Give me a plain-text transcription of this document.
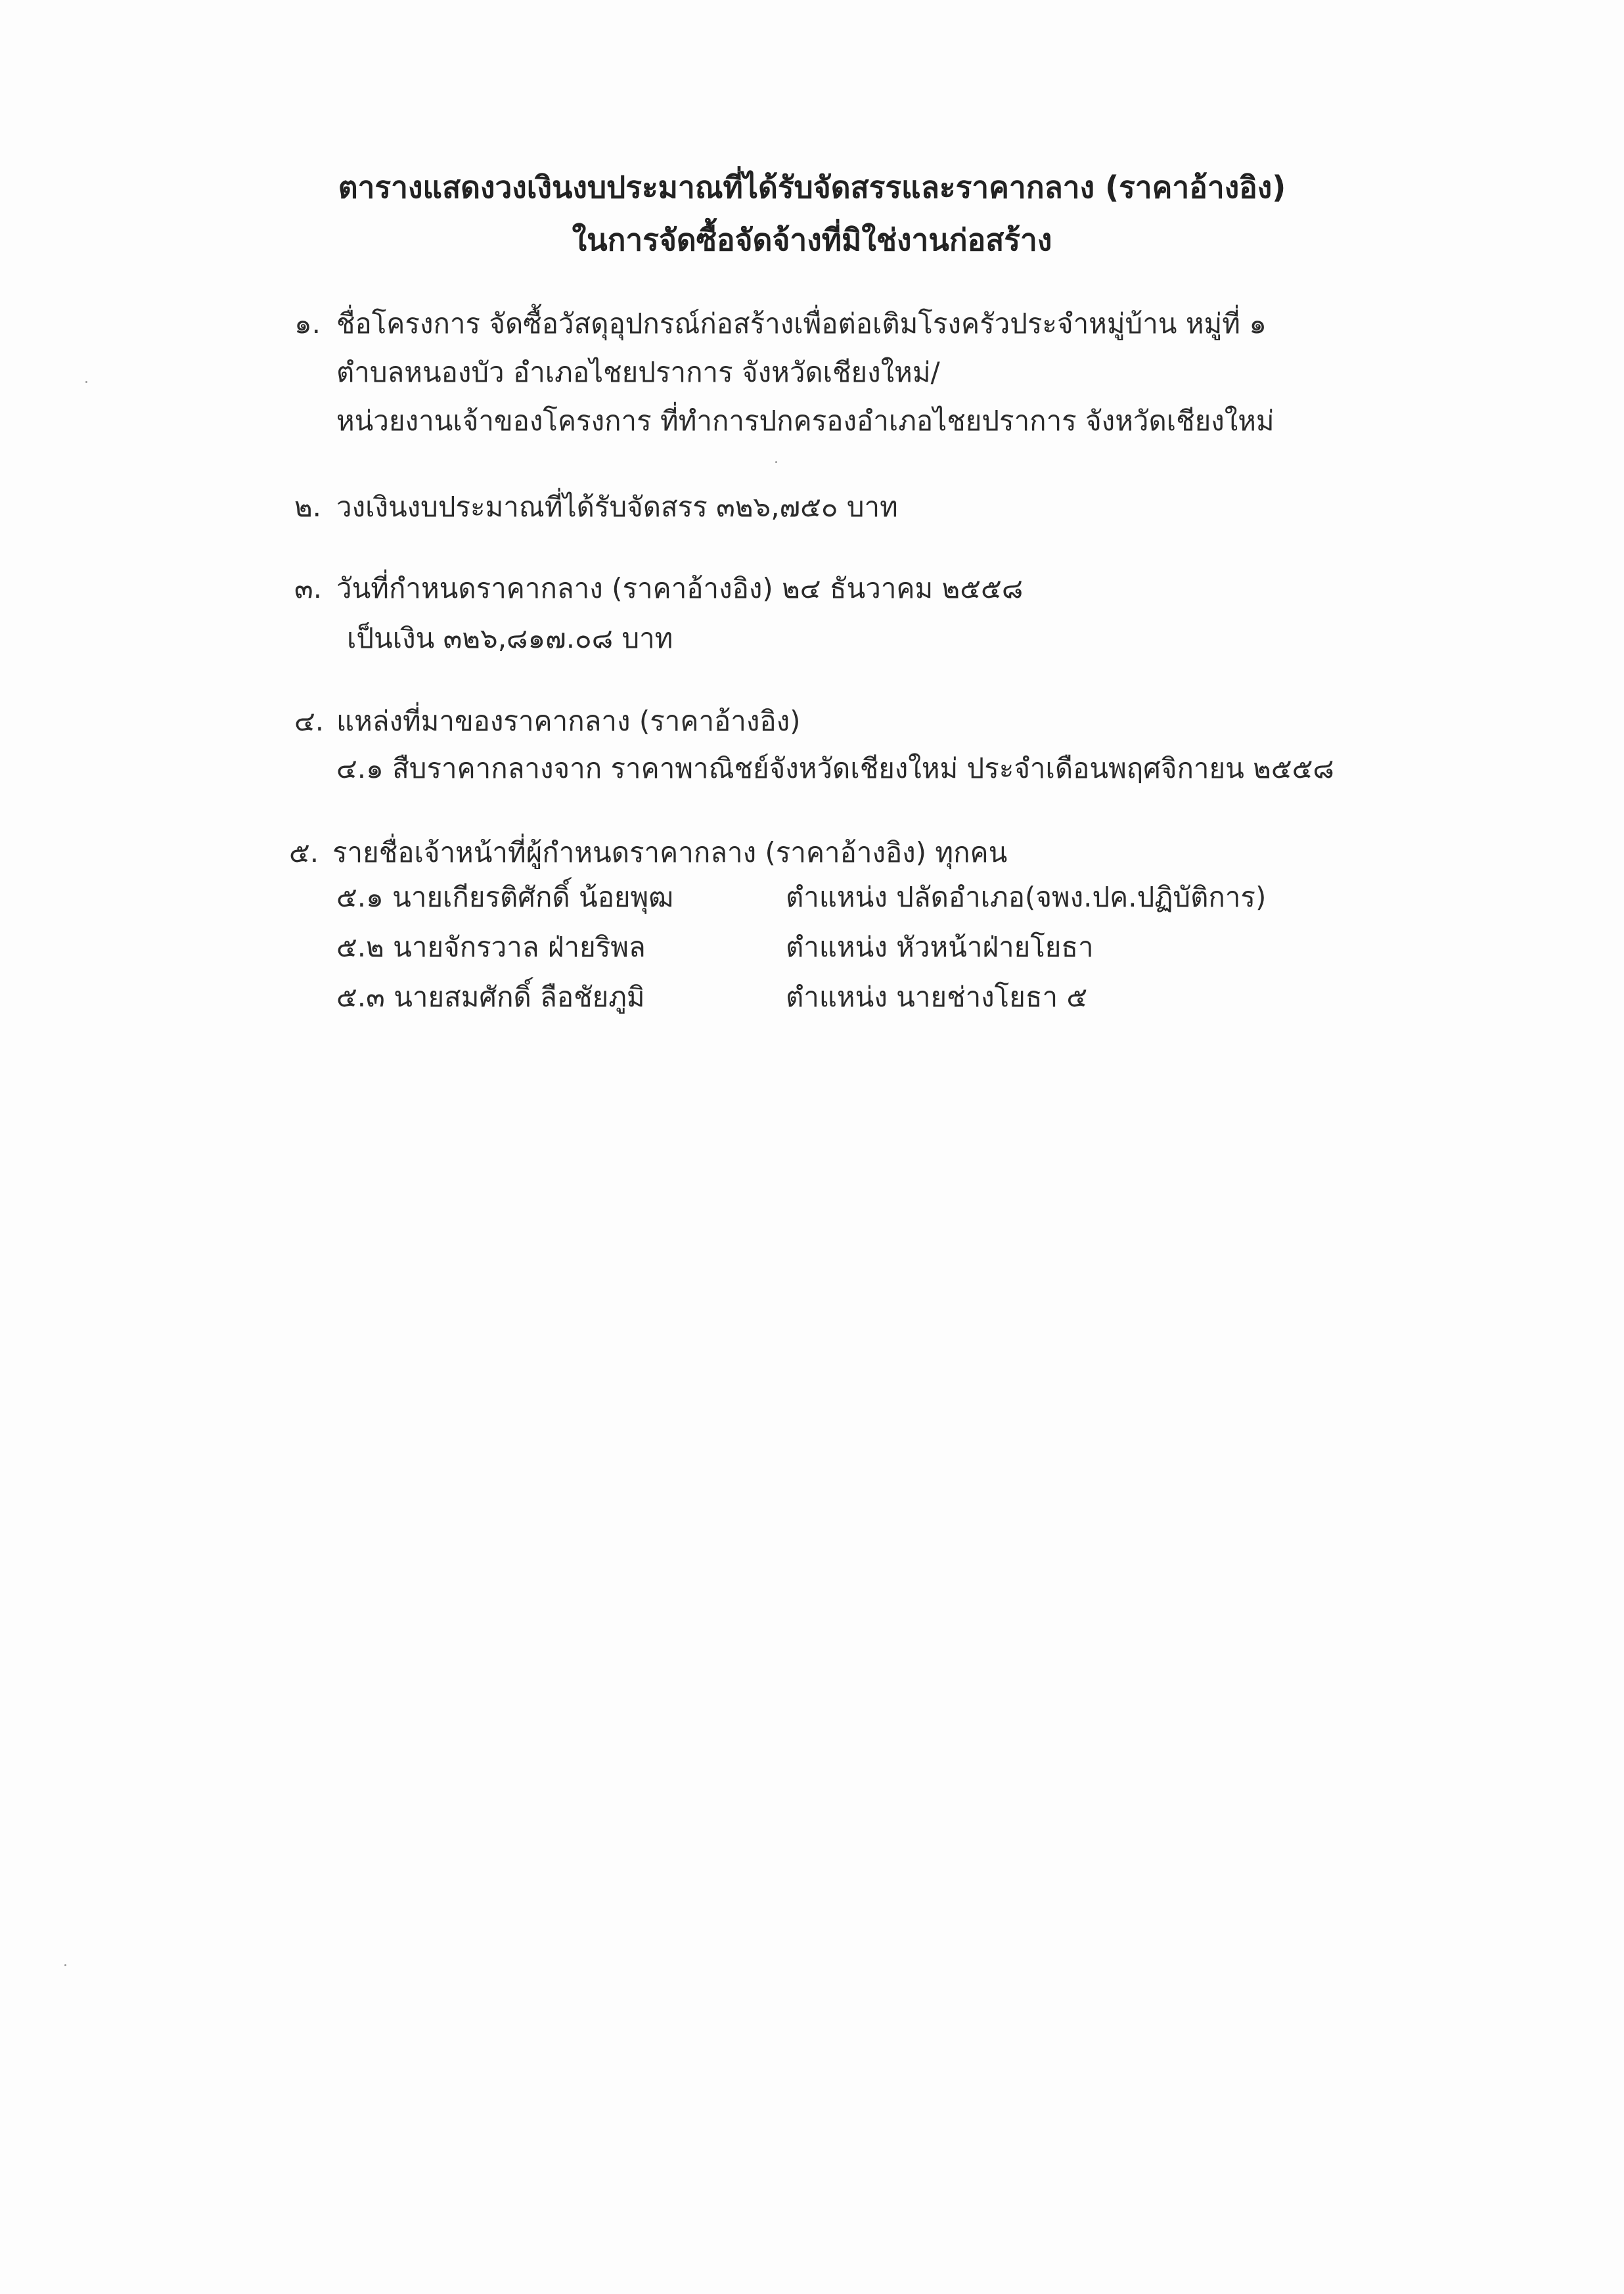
ตารางแสดงวงเงินงบประมาณที่ได้รับจัดสรรและราคากลาง (ราคาอ้างอิง)
ในการจัดซื้อจัดจ้างที่มิใช่งานก่อสร้าง
๑. ชื่อโครงการ จัดซื้อวัสดุอุปกรณ์ก่อสร้างเพื่อต่อเติมโรงครัวประจำหมู่บ้าน หมู่ที่ ๑
ตำบลหนองบัว อำเภอไชยปราการ จังหวัดเชียงใหม่/
หน่วยงานเจ้าของโครงการ ที่ทำการปกครองอำเภอไชยปราการ จังหวัดเชียงใหม่
๒. วงเงินงบประมาณที่ได้รับจัดสรร ๓๒๖,๗๕๐ บาท
๓. วันที่กำหนดราคากลาง (ราคาอ้างอิง) ๒๔ ธันวาคม ๒๕๕๘
เป็นเงิน ๓๒๖,๘๑๗.๐๘ บาท
๔. แหล่งที่มาของราคากลาง (ราคาอ้างอิง)
๔.๑ สืบราคากลางจาก ราคาพาณิชย์จังหวัดเชียงใหม่ ประจำเดือนพฤศจิกายน ๒๕๕๘
๕. รายชื่อเจ้าหน้าที่ผู้กำหนดราคากลาง (ราคาอ้างอิง) ทุกคน
๕.๑ นายเกียรติศักดิ์ น้อยพุฒ	ตำแหน่ง ปลัดอำเภอ(จพง.ปค.ปฏิบัติการ)
๕.๒ นายจักรวาล ฝ่ายริพล	ตำแหน่ง หัวหน้าฝ่ายโยธา
๕.๓ นายสมศักดิ์ ลือชัยภูมิ	ตำแหน่ง นายช่างโยธา ๕
